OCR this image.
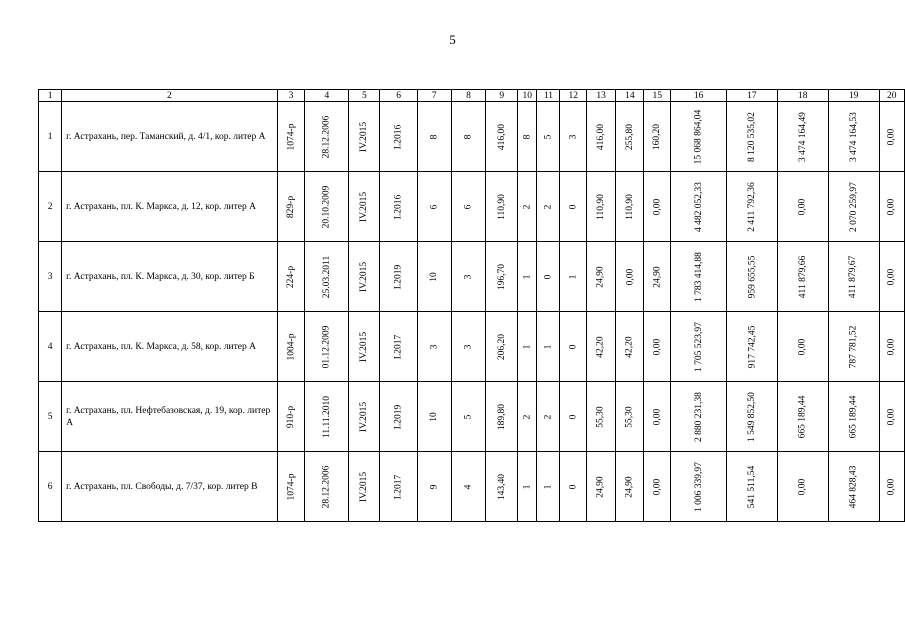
5
1	2	3	4	5	6	7	8	9	10	11	12	13	14	15	16	17	18	19	20
1	г. Астрахань, пер. Таманский, д. 4/1, кор. литер А	1074-р	28.12.2006	IV.2015	I.2016	8	8	416,00	8	5	3	416,00	255,80	160,20	15 068 864,04	8 120 535,02	3 474 164,49	3 474 164,53	0,00
2	г. Астрахань, пл. К. Маркса, д. 12, кор. литер А	829-р	20.10.2009	IV.2015	I.2016	6	6	110,90	2	2	0	110,90	110,90	0,00	4 482 052,33	2 411 792,36	0,00	2 070 259,97	0,00
3	г. Астрахань, пл. К. Маркса, д. 30, кор. литер Б	224-р	25.03.2011	IV.2015	I.2019	10	3	196,70	1	0	1	24,90	0,00	24,90	1 783 414,88	959 655,55	411 879,66	411 879,67	0,00
4	г. Астрахань, пл. К. Маркса, д. 58, кор. литер А	1004-р	01.12.2009	IV.2015	I.2017	3	3	206,20	1	1	0	42,20	42,20	0,00	1 705 523,97	917 742,45	0,00	787 781,52	0,00
5	г. Астрахань, пл. Нефтебазовская, д. 19, кор. литер А	910-р	11.11.2010	IV.2015	I.2019	10	5	189,80	2	2	0	55,30	55,30	0,00	2 880 231,38	1 549 852,50	665 189,44	665 189,44	0,00
6	г. Астрахань, пл. Свободы, д. 7/37, кор. литер В	1074-р	28.12.2006	IV.2015	I.2017	9	4	143,40	1	1	0	24,90	24,90	0,00	1 006 339,97	541 511,54	0,00	464 828,43	0,00
